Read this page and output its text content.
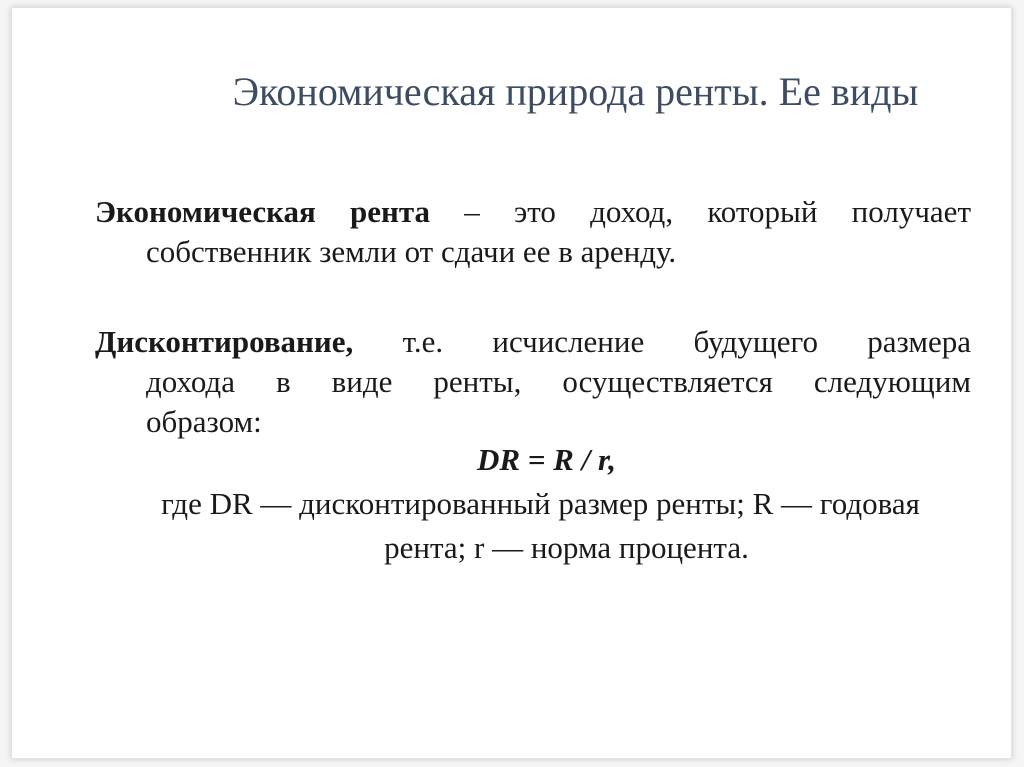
Экономическая природа ренты. Ее виды
Экономическая рента – это доход, который получает
собственник земли от сдачи ее в аренду.
Дисконтирование, т.е. исчисление будущего размера
дохода в виде ренты, осуществляется следующим
образом:
DR = R / r,
где DR — дисконтированный размер ренты; R — годовая
рента; r — норма процента.
